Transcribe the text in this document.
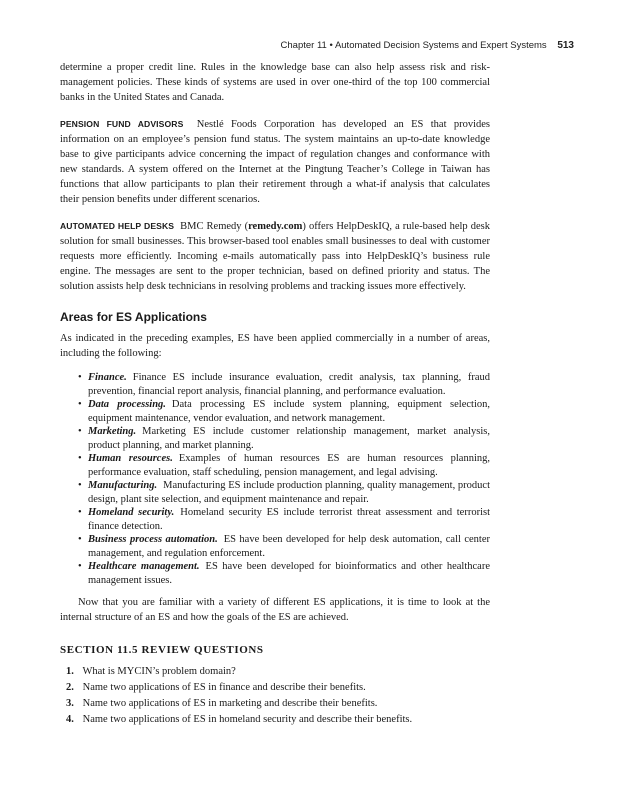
Chapter 11 • Automated Decision Systems and Expert Systems 513

determine a proper credit line. Rules in the knowledge base can also help assess risk and risk-management policies. These kinds of systems are used in over one-third of the top 100 commercial banks in the United States and Canada.

PENSION FUND ADVISORS Nestlé Foods Corporation has developed an ES that provides information on an employee’s pension fund status. The system maintains an up-to-date knowledge base to give participants advice concerning the impact of regulation changes and conformance with new standards. A system offered on the Internet at the Pingtung Teacher’s College in Taiwan has functions that allow participants to plan their retirement through a what-if analysis that calculates their pension benefits under different scenarios.

AUTOMATED HELP DESKS BMC Remedy (remedy.com) offers HelpDeskIQ, a rule-based help desk solution for small businesses. This browser-based tool enables small businesses to deal with customer requests more efficiently. Incoming e-mails automatically pass into HelpDeskIQ’s business rule engine. The messages are sent to the proper technician, based on defined priority and status. The solution assists help desk technicians in resolving problems and tracking issues more effectively.

Areas for ES Applications

As indicated in the preceding examples, ES have been applied commercially in a number of areas, including the following:

• Finance. Finance ES include insurance evaluation, credit analysis, tax planning, fraud prevention, financial report analysis, financial planning, and performance evaluation.
• Data processing. Data processing ES include system planning, equipment selection, equipment maintenance, vendor evaluation, and network management.
• Marketing. Marketing ES include customer relationship management, market analysis, product planning, and market planning.
• Human resources. Examples of human resources ES are human resources planning, performance evaluation, staff scheduling, pension management, and legal advising.
• Manufacturing. Manufacturing ES include production planning, quality management, product design, plant site selection, and equipment maintenance and repair.
• Homeland security. Homeland security ES include terrorist threat assessment and terrorist finance detection.
• Business process automation. ES have been developed for help desk automation, call center management, and regulation enforcement.
• Healthcare management. ES have been developed for bioinformatics and other healthcare management issues.

Now that you are familiar with a variety of different ES applications, it is time to look at the internal structure of an ES and how the goals of the ES are achieved.

SECTION 11.5 REVIEW QUESTIONS
1. What is MYCIN’s problem domain?
2. Name two applications of ES in finance and describe their benefits.
3. Name two applications of ES in marketing and describe their benefits.
4. Name two applications of ES in homeland security and describe their benefits.
